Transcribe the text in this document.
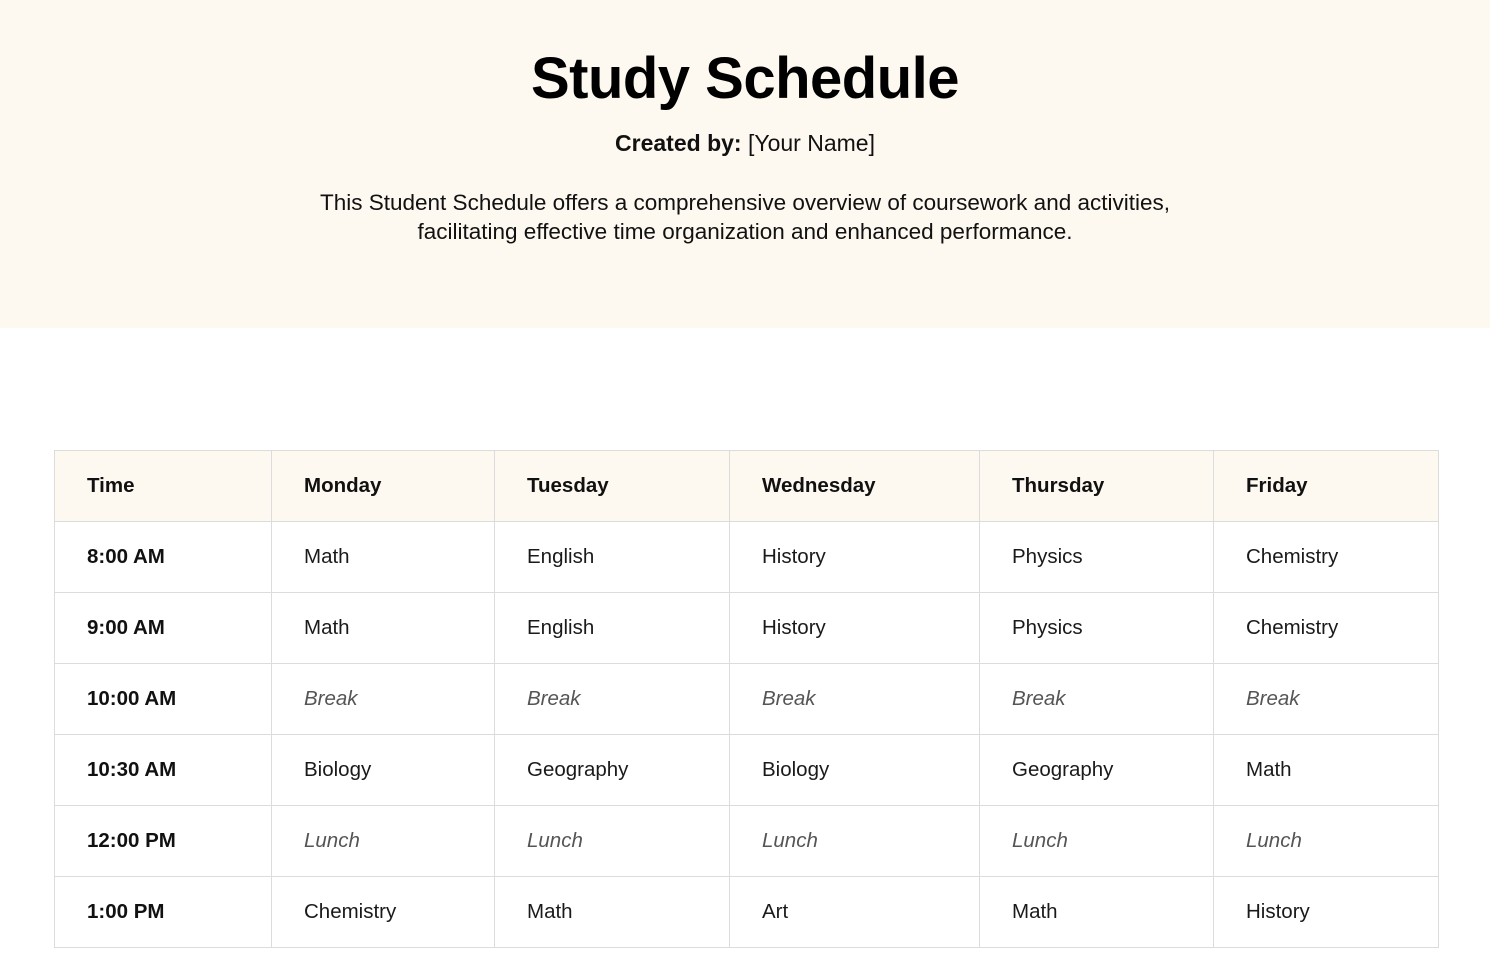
Study Schedule
Created by: [Your Name]
This Student Schedule offers a comprehensive overview of coursework and activities, facilitating effective time organization and enhanced performance.
Time	Monday	Tuesday	Wednesday	Thursday	Friday
8:00 AM	Math	English	History	Physics	Chemistry
9:00 AM	Math	English	History	Physics	Chemistry
10:00 AM	Break	Break	Break	Break	Break
10:30 AM	Biology	Geography	Biology	Geography	Math
12:00 PM	Lunch	Lunch	Lunch	Lunch	Lunch
1:00 PM	Chemistry	Math	Art	Math	History
